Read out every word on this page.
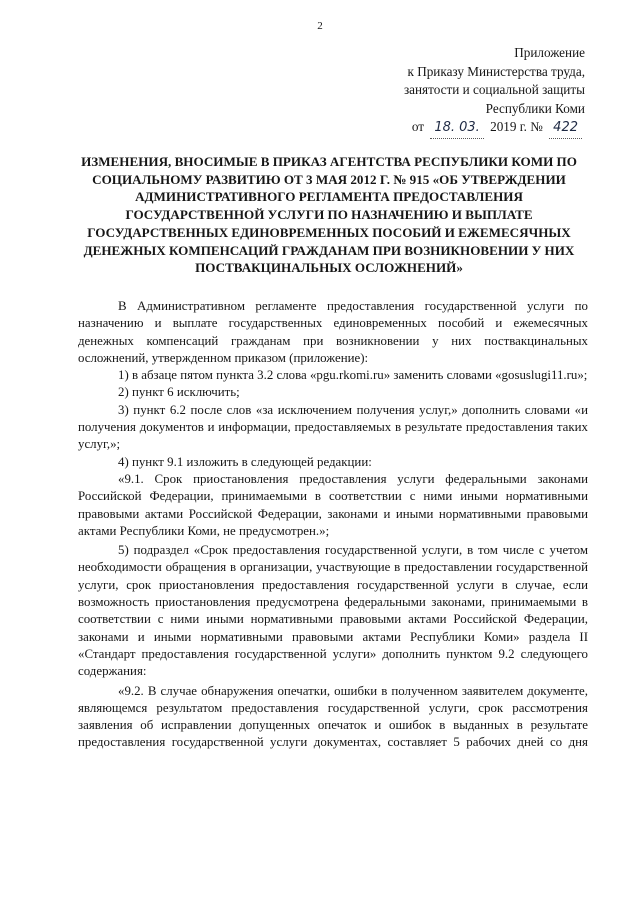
2
Приложение
к Приказу Министерства труда,
занятости и социальной защиты
Республики Коми
от 18. 03. 2019 г. № 422
ИЗМЕНЕНИЯ, ВНОСИМЫЕ В ПРИКАЗ АГЕНТСТВА РЕСПУБЛИКИ КОМИ ПО СОЦИАЛЬНОМУ РАЗВИТИЮ ОТ 3 МАЯ 2012 Г. № 915 «ОБ УТВЕРЖДЕНИИ АДМИНИСТРАТИВНОГО РЕГЛАМЕНТА ПРЕДОСТАВЛЕНИЯ ГОСУДАРСТВЕННОЙ УСЛУГИ ПО НАЗНАЧЕНИЮ И ВЫПЛАТЕ ГОСУДАРСТВЕННЫХ ЕДИНОВРЕМЕННЫХ ПОСОБИЙ И ЕЖЕМЕСЯЧНЫХ ДЕНЕЖНЫХ КОМПЕНСАЦИЙ ГРАЖДАНАМ ПРИ ВОЗНИКНОВЕНИИ У НИХ ПОСТВАКЦИНАЛЬНЫХ ОСЛОЖНЕНИЙ»

В Административном регламенте предоставления государственной услуги по назначению и выплате государственных единовременных пособий и ежемесячных денежных компенсаций гражданам при возникновении у них поствакцинальных осложнений, утвержденном приказом (приложение):

1) в абзаце пятом пункта 3.2 слова «pgu.rkomi.ru» заменить словами «gosuslugi11.ru»;

2) пункт 6 исключить;

3) пункт 6.2 после слов «за исключением получения услуг,» дополнить словами «и получения документов и информации, предоставляемых в результате предоставления таких услуг,»;

4) пункт 9.1 изложить в следующей редакции:

«9.1. Срок приостановления предоставления услуги федеральными законами Российской Федерации, принимаемыми в соответствии с ними иными нормативными правовыми актами Российской Федерации, законами и иными нормативными правовыми актами Республики Коми, не предусмотрен.»;

5) подраздел «Срок предоставления государственной услуги, в том числе с учетом необходимости обращения в организации, участвующие в предоставлении государственной услуги, срок приостановления предоставления государственной услуги в случае, если возможность приостановления предусмотрена федеральными законами, принимаемыми в соответствии с ними иными нормативными правовыми актами Российской Федерации, законами и иными нормативными правовыми актами Республики Коми» раздела II «Стандарт предоставления государственной услуги» дополнить пунктом 9.2 следующего содержания:

«9.2. В случае обнаружения опечатки, ошибки в полученном заявителем документе, являющемся результатом предоставления государственной услуги, срок рассмотрения заявления об исправлении допущенных опечаток и ошибок в выданных в результате предоставления государственной услуги документах, составляет 5 рабочих дней со дня
